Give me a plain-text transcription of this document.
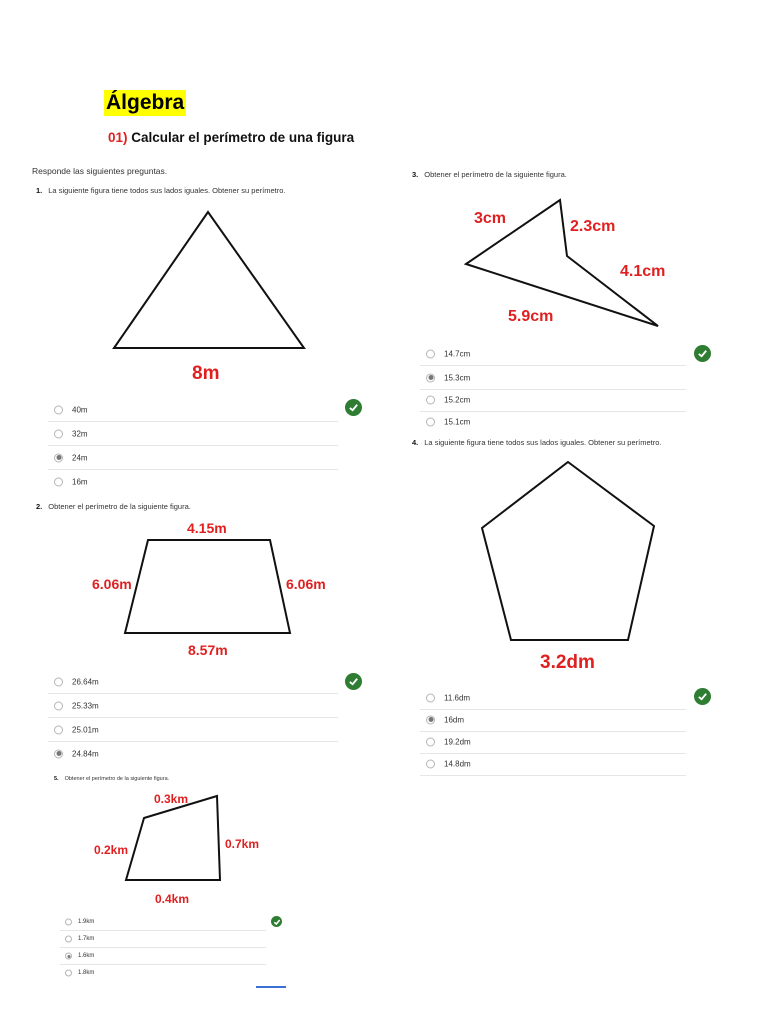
Álgebra
01) Calcular el perímetro de una figura
Responde las siguientes preguntas.
1. La siguiente figura tiene todos sus lados iguales. Obtener su perímetro.
8m
40m
32m
24m
16m
2. Obtener el perímetro de la siguiente figura.
4.15m
6.06m	6.06m
8.57m
26.64m
25.33m
25.01m
24.84m
5. Obtener el perímetro de la siguiente figura.
0.3km
0.2km	0.7km
0.4km
1.9km
1.7km
1.6km
1.8km
3. Obtener el perímetro de la siguiente figura.
3cm	2.3cm
4.1cm
5.9cm
14.7cm
15.3cm
15.2cm
15.1cm
4. La siguiente figura tiene todos sus lados iguales. Obtener su perímetro.
3.2dm
11.6dm
16dm
19.2dm
14.8dm
